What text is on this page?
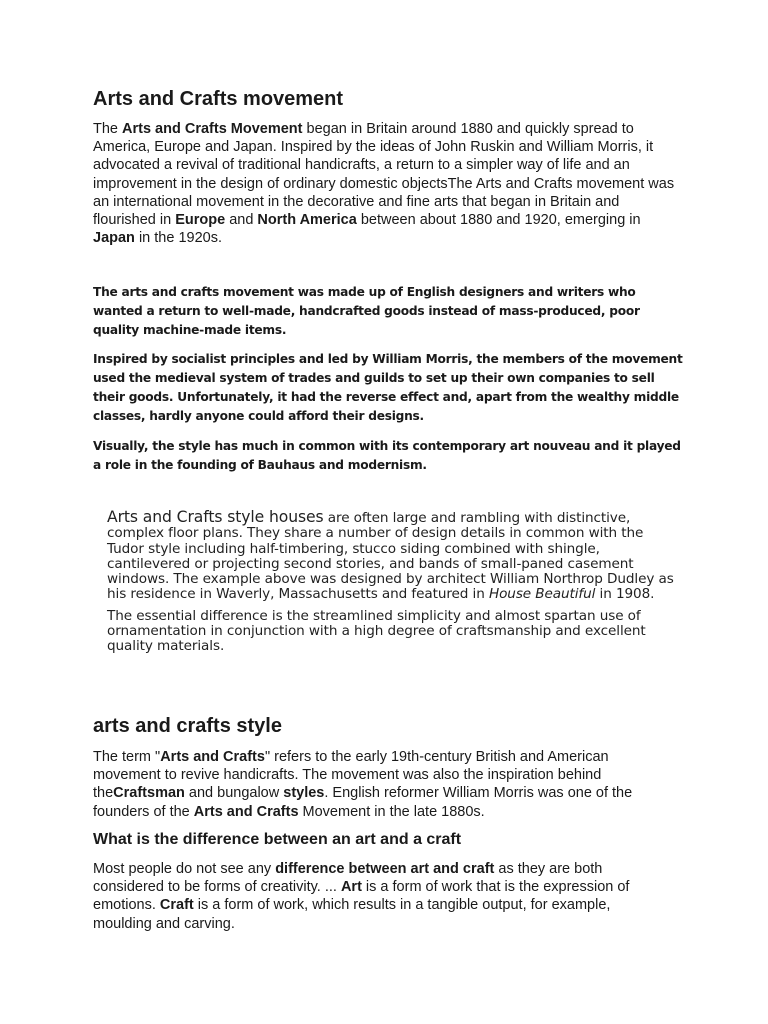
Arts and Crafts movement
The Arts and Crafts Movement began in Britain around 1880 and quickly spread to America, Europe and Japan. Inspired by the ideas of John Ruskin and William Morris, it advocated a revival of traditional handicrafts, a return to a simpler way of life and an improvement in the design of ordinary domestic objectsThe Arts and Crafts movement was an international movement in the decorative and fine arts that began in Britain and flourished in Europe and North America between about 1880 and 1920, emerging in Japan in the 1920s.
The arts and crafts movement was made up of English designers and writers who wanted a return to well-made, handcrafted goods instead of mass-produced, poor quality machine-made items.
Inspired by socialist principles and led by William Morris, the members of the movement used the medieval system of trades and guilds to set up their own companies to sell their goods. Unfortunately, it had the reverse effect and, apart from the wealthy middle classes, hardly anyone could afford their designs.
Visually, the style has much in common with its contemporary art nouveau and it played a role in the founding of Bauhaus and modernism.

Arts and Crafts style houses are often large and rambling with distinctive, complex floor plans. They share a number of design details in common with the Tudor style including half-timbering, stucco siding combined with shingle, cantilevered or projecting second stories, and bands of small-paned casement windows. The example above was designed by architect William Northrop Dudley as his residence in Waverly, Massachusetts and featured in House Beautiful in 1908.

The essential difference is the streamlined simplicity and almost spartan use of ornamentation in conjunction with a high degree of craftsmanship and excellent quality materials.

arts and crafts style
The term "Arts and Crafts" refers to the early 19th-century British and American movement to revive handicrafts. The movement was also the inspiration behind theCraftsman and bungalow styles. English reformer William Morris was one of the founders of the Arts and Crafts Movement in the late 1880s.
What is the difference between an art and a craft
Most people do not see any difference between art and craft as they are both considered to be forms of creativity. ... Art is a form of work that is the expression of emotions. Craft is a form of work, which results in a tangible output, for example, moulding and carving.
